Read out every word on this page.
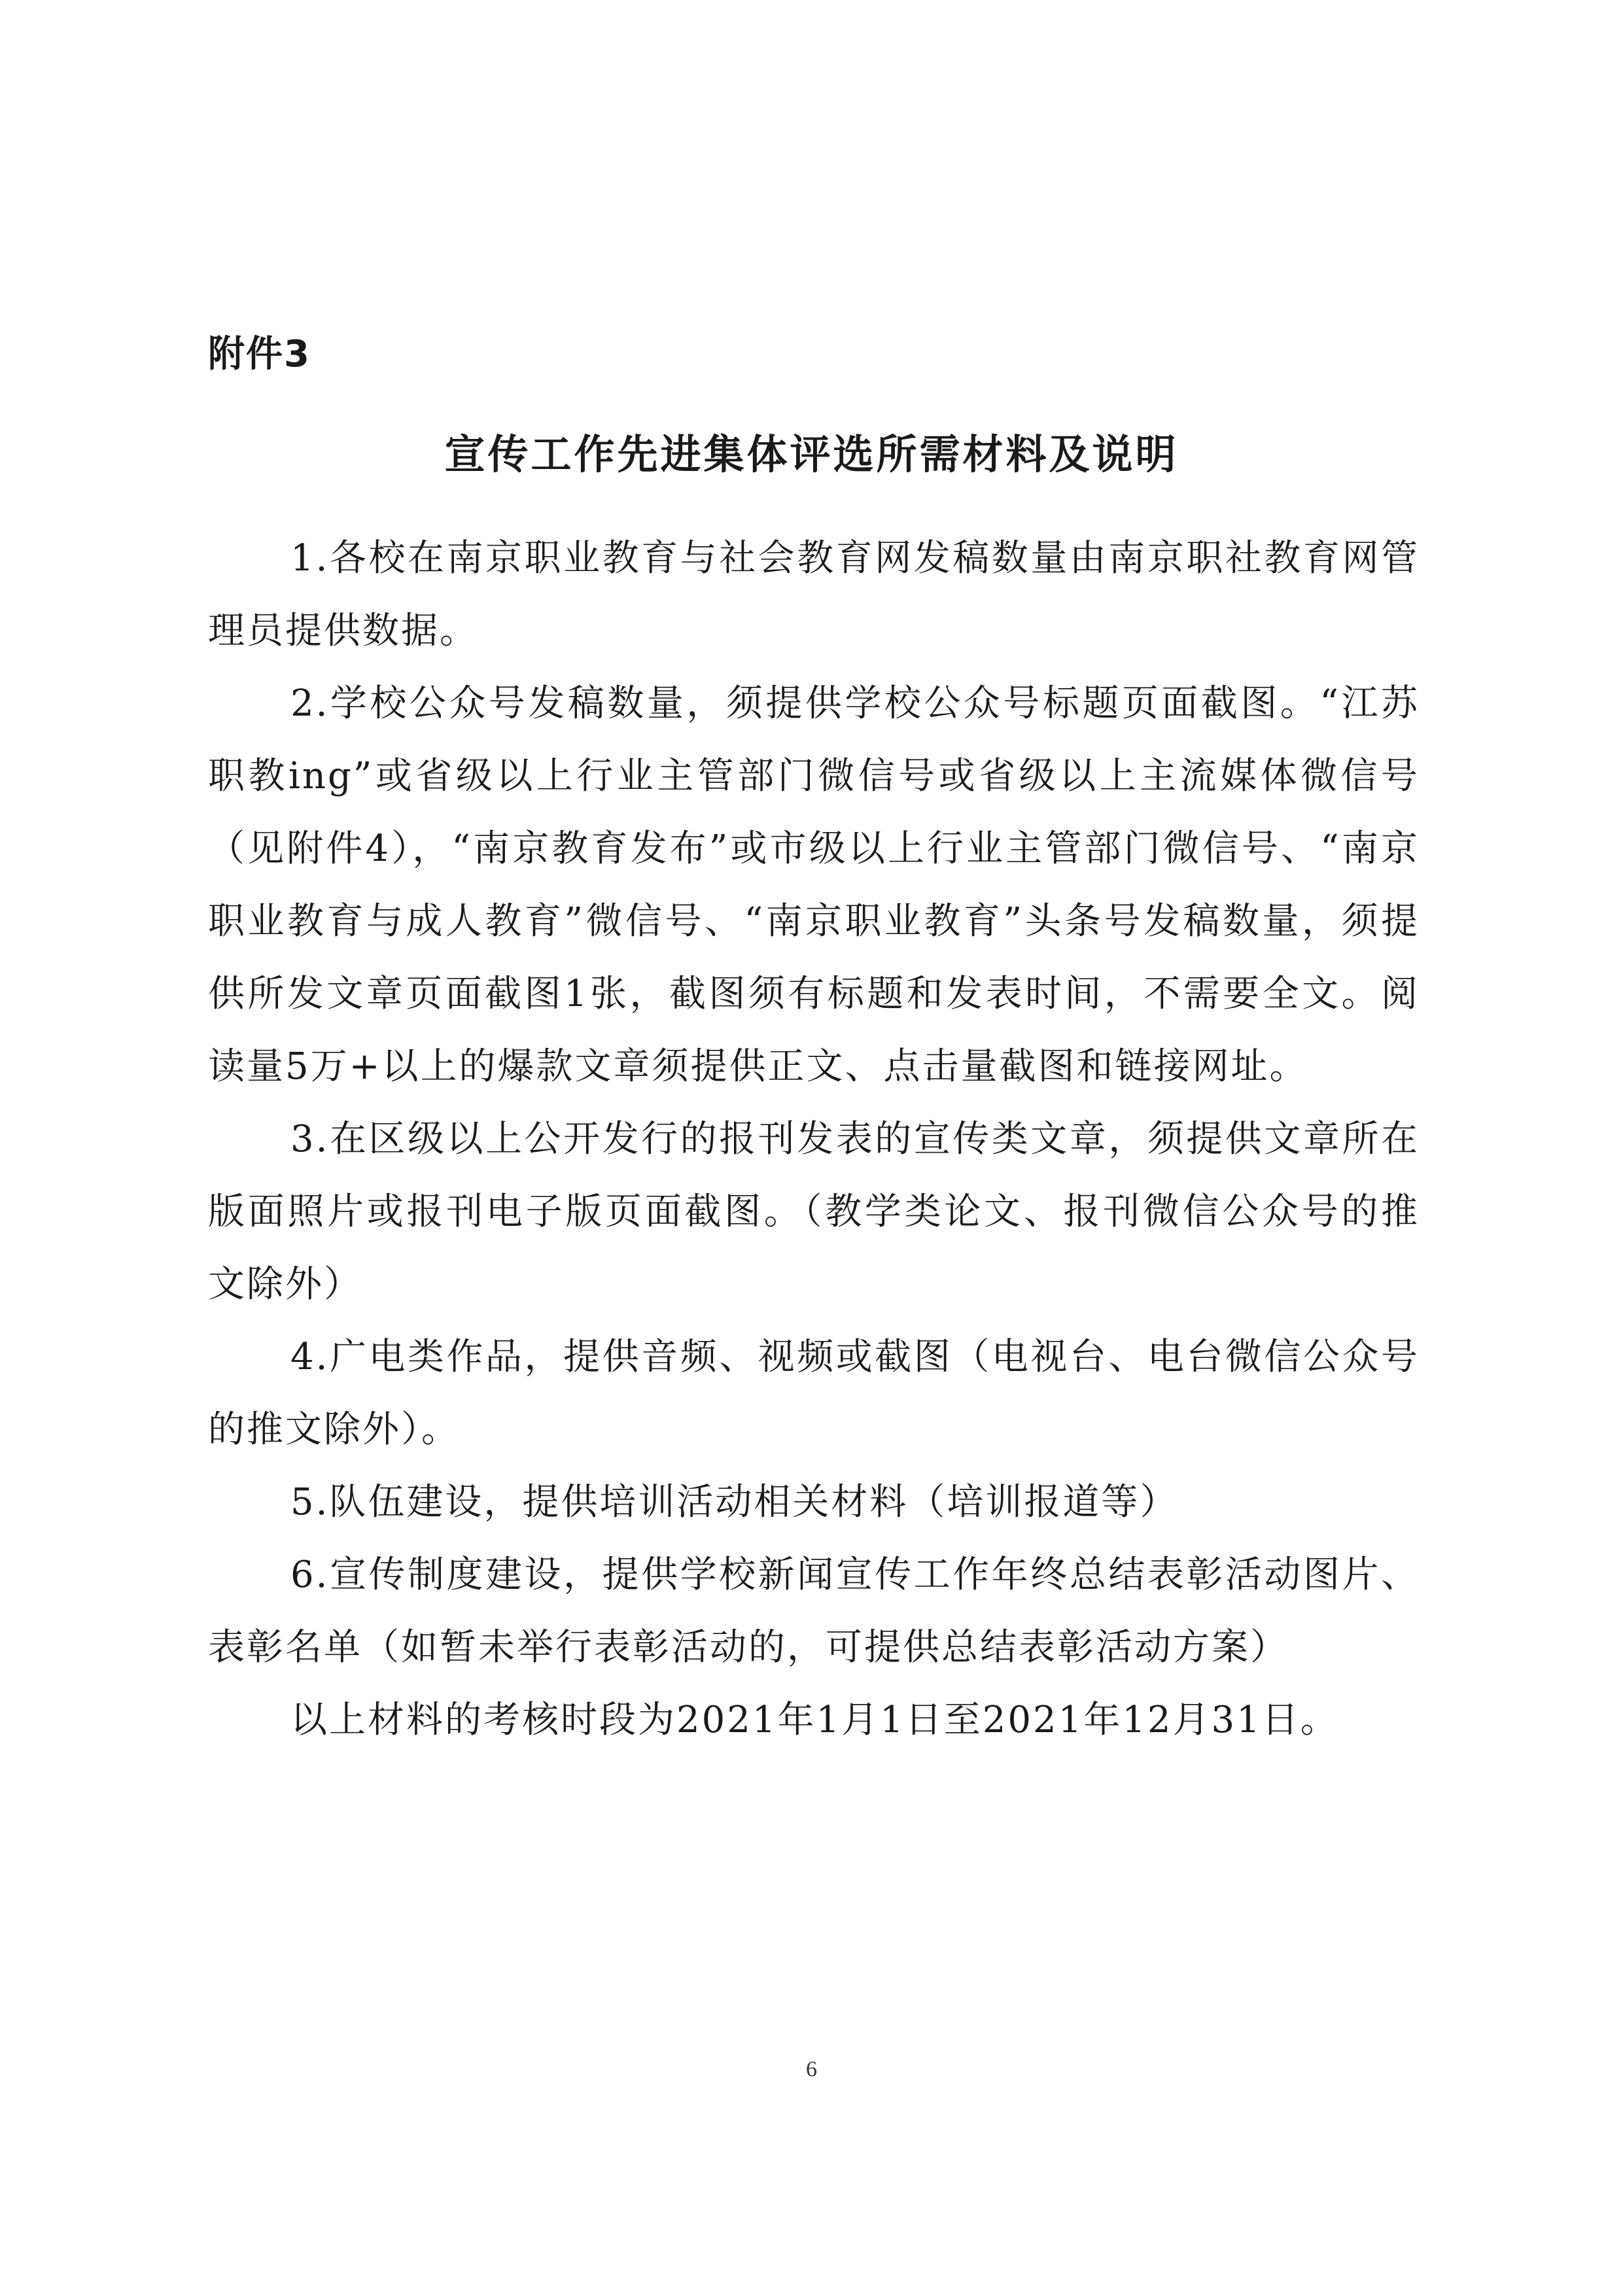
附件3
宣传工作先进集体评选所需材料及说明

1.各校在南京职业教育与社会教育网发稿数量由南京职社教育网管理员提供数据。

2.学校公众号发稿数量，须提供学校公众号标题页面截图。“江苏职教ing”或省级以上行业主管部门微信号或省级以上主流媒体微信号（见附件4），“南京教育发布”或市级以上行业主管部门微信号、“南京职业教育与成人教育”微信号、“南京职业教育”头条号发稿数量，须提供所发文章页面截图1张，截图须有标题和发表时间，不需要全文。阅读量5万+以上的爆款文章须提供正文、点击量截图和链接网址。

3.在区级以上公开发行的报刊发表的宣传类文章，须提供文章所在版面照片或报刊电子版页面截图。（教学类论文、报刊微信公众号的推文除外）

4.广电类作品，提供音频、视频或截图（电视台、电台微信公众号的推文除外）。

5.队伍建设，提供培训活动相关材料（培训报道等）

6.宣传制度建设，提供学校新闻宣传工作年终总结表彰活动图片、表彰名单（如暂未举行表彰活动的，可提供总结表彰活动方案）

以上材料的考核时段为2021年1月1日至2021年12月31日。

6
